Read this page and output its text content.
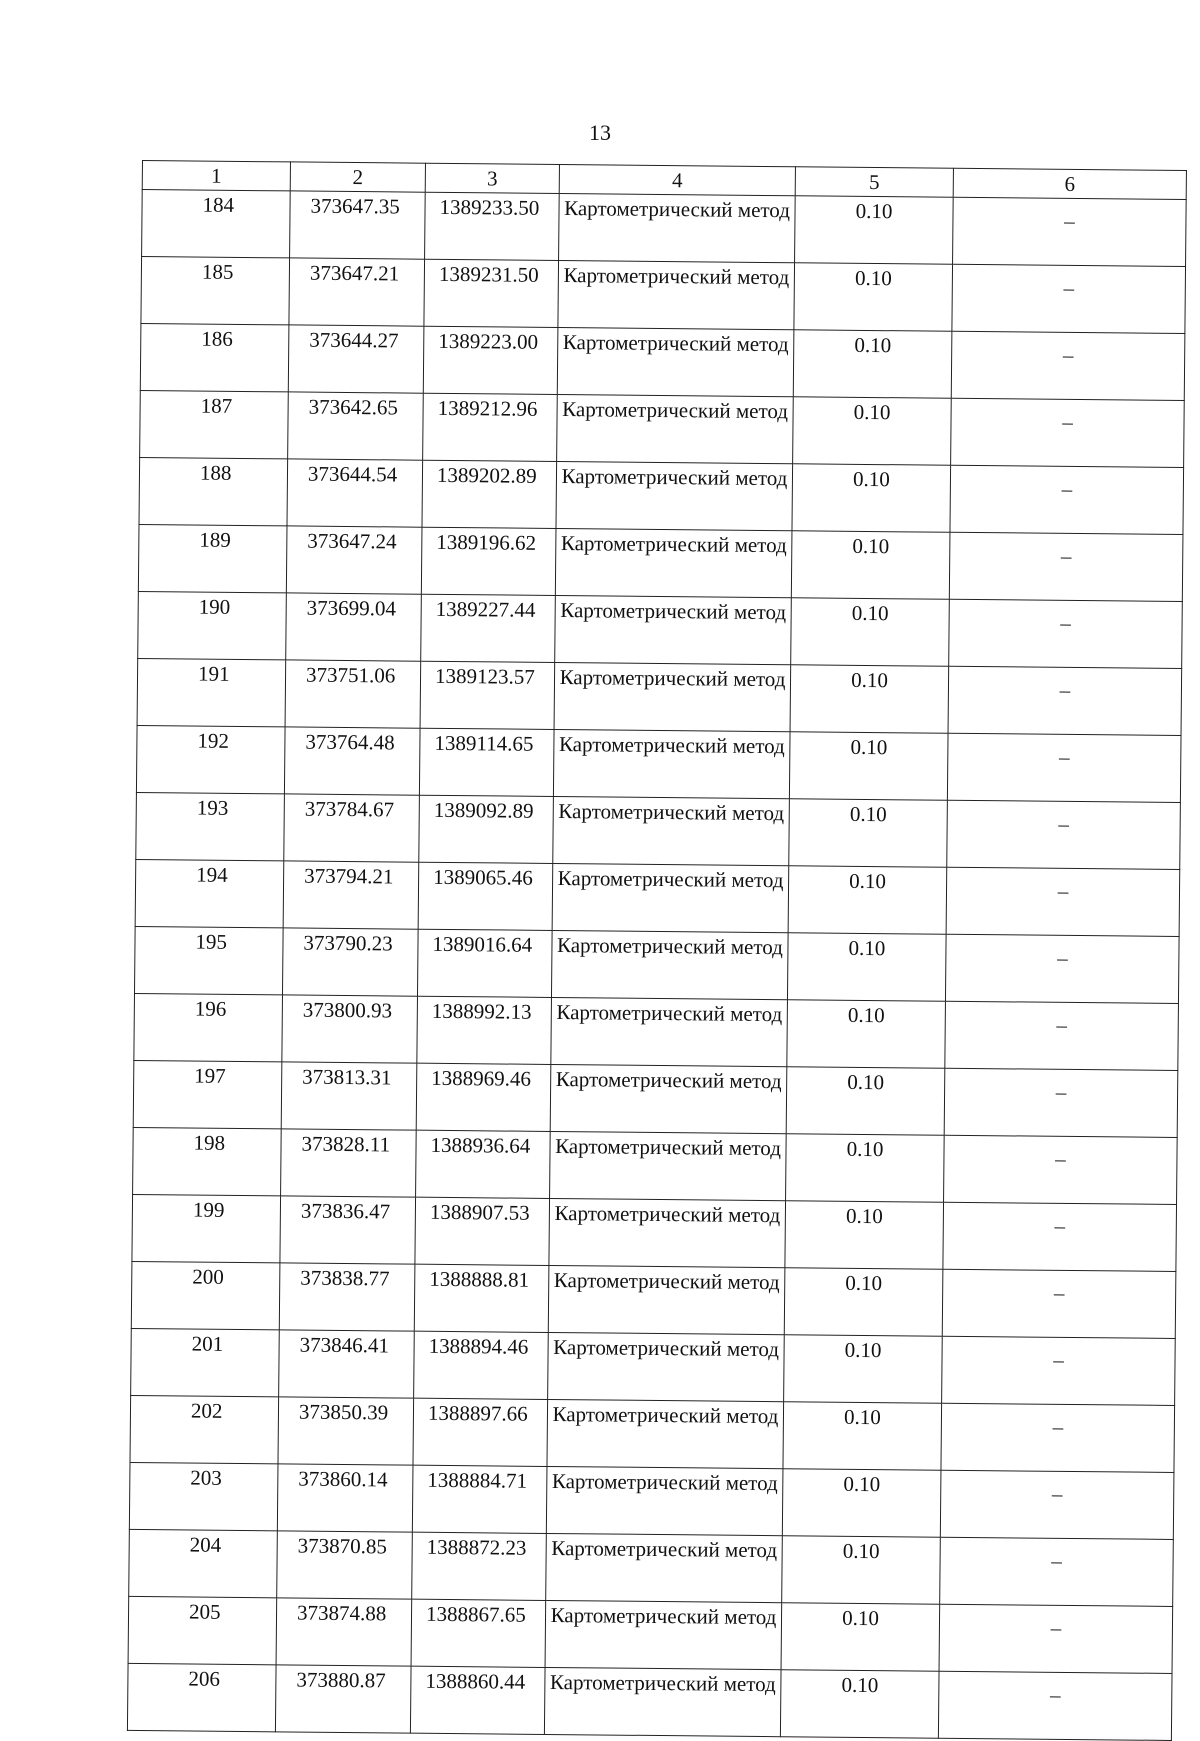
13
1	2	3	4	5	6
184	373647.35	1389233.50	Картометрический метод	0.10	–
185	373647.21	1389231.50	Картометрический метод	0.10	–
186	373644.27	1389223.00	Картометрический метод	0.10	–
187	373642.65	1389212.96	Картометрический метод	0.10	–
188	373644.54	1389202.89	Картометрический метод	0.10	–
189	373647.24	1389196.62	Картометрический метод	0.10	–
190	373699.04	1389227.44	Картометрический метод	0.10	–
191	373751.06	1389123.57	Картометрический метод	0.10	–
192	373764.48	1389114.65	Картометрический метод	0.10	–
193	373784.67	1389092.89	Картометрический метод	0.10	–
194	373794.21	1389065.46	Картометрический метод	0.10	–
195	373790.23	1389016.64	Картометрический метод	0.10	–
196	373800.93	1388992.13	Картометрический метод	0.10	–
197	373813.31	1388969.46	Картометрический метод	0.10	–
198	373828.11	1388936.64	Картометрический метод	0.10	–
199	373836.47	1388907.53	Картометрический метод	0.10	–
200	373838.77	1388888.81	Картометрический метод	0.10	–
201	373846.41	1388894.46	Картометрический метод	0.10	–
202	373850.39	1388897.66	Картометрический метод	0.10	–
203	373860.14	1388884.71	Картометрический метод	0.10	–
204	373870.85	1388872.23	Картометрический метод	0.10	–
205	373874.88	1388867.65	Картометрический метод	0.10	–
206	373880.87	1388860.44	Картометрический метод	0.10	–
